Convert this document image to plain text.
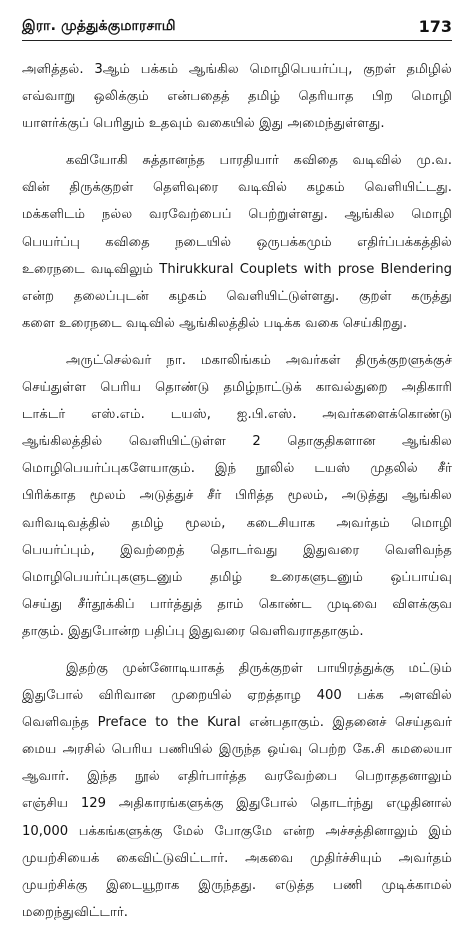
இரா. முத்துக்குமாரசாமி	173
அளித்தல். 3ஆம் பக்கம் ஆங்கில மொழிபெயர்ப்பு, குறள் தமிழில்
எவ்வாறு ஒலிக்கும் என்பதைத் தமிழ் தெரியாத பிற மொழி
யாளர்க்குப் பெரிதும் உதவும் வகையில் இது அமைந்துள்ளது.
கவியோகி சுத்தானந்த பாரதியார் கவிதை வடிவில் மு.வ.
வின் திருக்குறள் தெளிவுரை வடிவில் கழகம் வெளியிட்டது.
மக்களிடம் நல்ல வரவேற்பைப் பெற்றுள்ளது. ஆங்கில மொழி
பெயர்ப்பு கவிதை நடையில் ஒருபக்கமும் எதிர்ப்பக்கத்தில்
உரைநடை வடிவிலும் Thirukkural Couplets with prose Blendering
என்ற தலைப்புடன் கழகம் வெளியிட்டுள்ளது. குறள் கருத்து
களை உரைநடை வடிவில் ஆங்கிலத்தில் படிக்க வகை செய்கிறது.
அருட்செல்வர் நா. மகாலிங்கம் அவர்கள் திருக்குறளுக்குச்
செய்துள்ள பெரிய தொண்டு தமிழ்நாட்டுக் காவல்துறை அதிகாரி
டாக்டர் எஸ்.எம். டயஸ், ஐ.பி.எஸ். அவர்களைக்கொண்டு
ஆங்கிலத்தில் வெளியிட்டுள்ள 2 தொகுதிகளான ஆங்கில
மொழிபெயர்ப்புகளேயாகும். இந் நூலில் டயஸ் முதலில் சீர்
பிரிக்காத மூலம் அடுத்துச் சீர் பிரித்த மூலம், அடுத்து ஆங்கில
வரிவடிவத்தில் தமிழ் மூலம், கடைசியாக அவர்தம் மொழி
பெயர்ப்பும், இவற்றைத் தொடர்வது இதுவரை வெளிவந்த
மொழிபெயர்ப்புகளுடனும் தமிழ் உரைகளுடனும் ஒப்பாய்வு
செய்து சீர்தூக்கிப் பார்த்துத் தாம் கொண்ட முடிவை விளக்குவ
தாகும். இதுபோன்ற பதிப்பு இதுவரை வெளிவராததாகும்.
இதற்கு முன்னோடியாகத் திருக்குறள் பாயிரத்துக்கு மட்டும்
இதுபோல் விரிவான முறையில் ஏறத்தாழ 400 பக்க அளவில்
வெளிவந்த Preface to the Kural என்பதாகும். இதனைச் செய்தவர்
மைய அரசில் பெரிய பணியில் இருந்த ஒய்வு பெற்ற கே.சி கமலையா
ஆவார். இந்த நூல் எதிர்பார்த்த வரவேற்பை பெறாததனாலும்
எஞ்சிய 129 அதிகாரங்களுக்கு இதுபோல் தொடர்ந்து எழுதினால்
10,000 பக்கங்களுக்கு மேல் போகுமே என்ற அச்சத்தினாலும் இம்
முயற்சியைக் கைவிட்டுவிட்டார். அகவை முதிர்ச்சியும் அவர்தம்
முயற்சிக்கு இடையூறாக இருந்தது. எடுத்த பணி முடிக்காமல்
மறைந்துவிட்டார்.
